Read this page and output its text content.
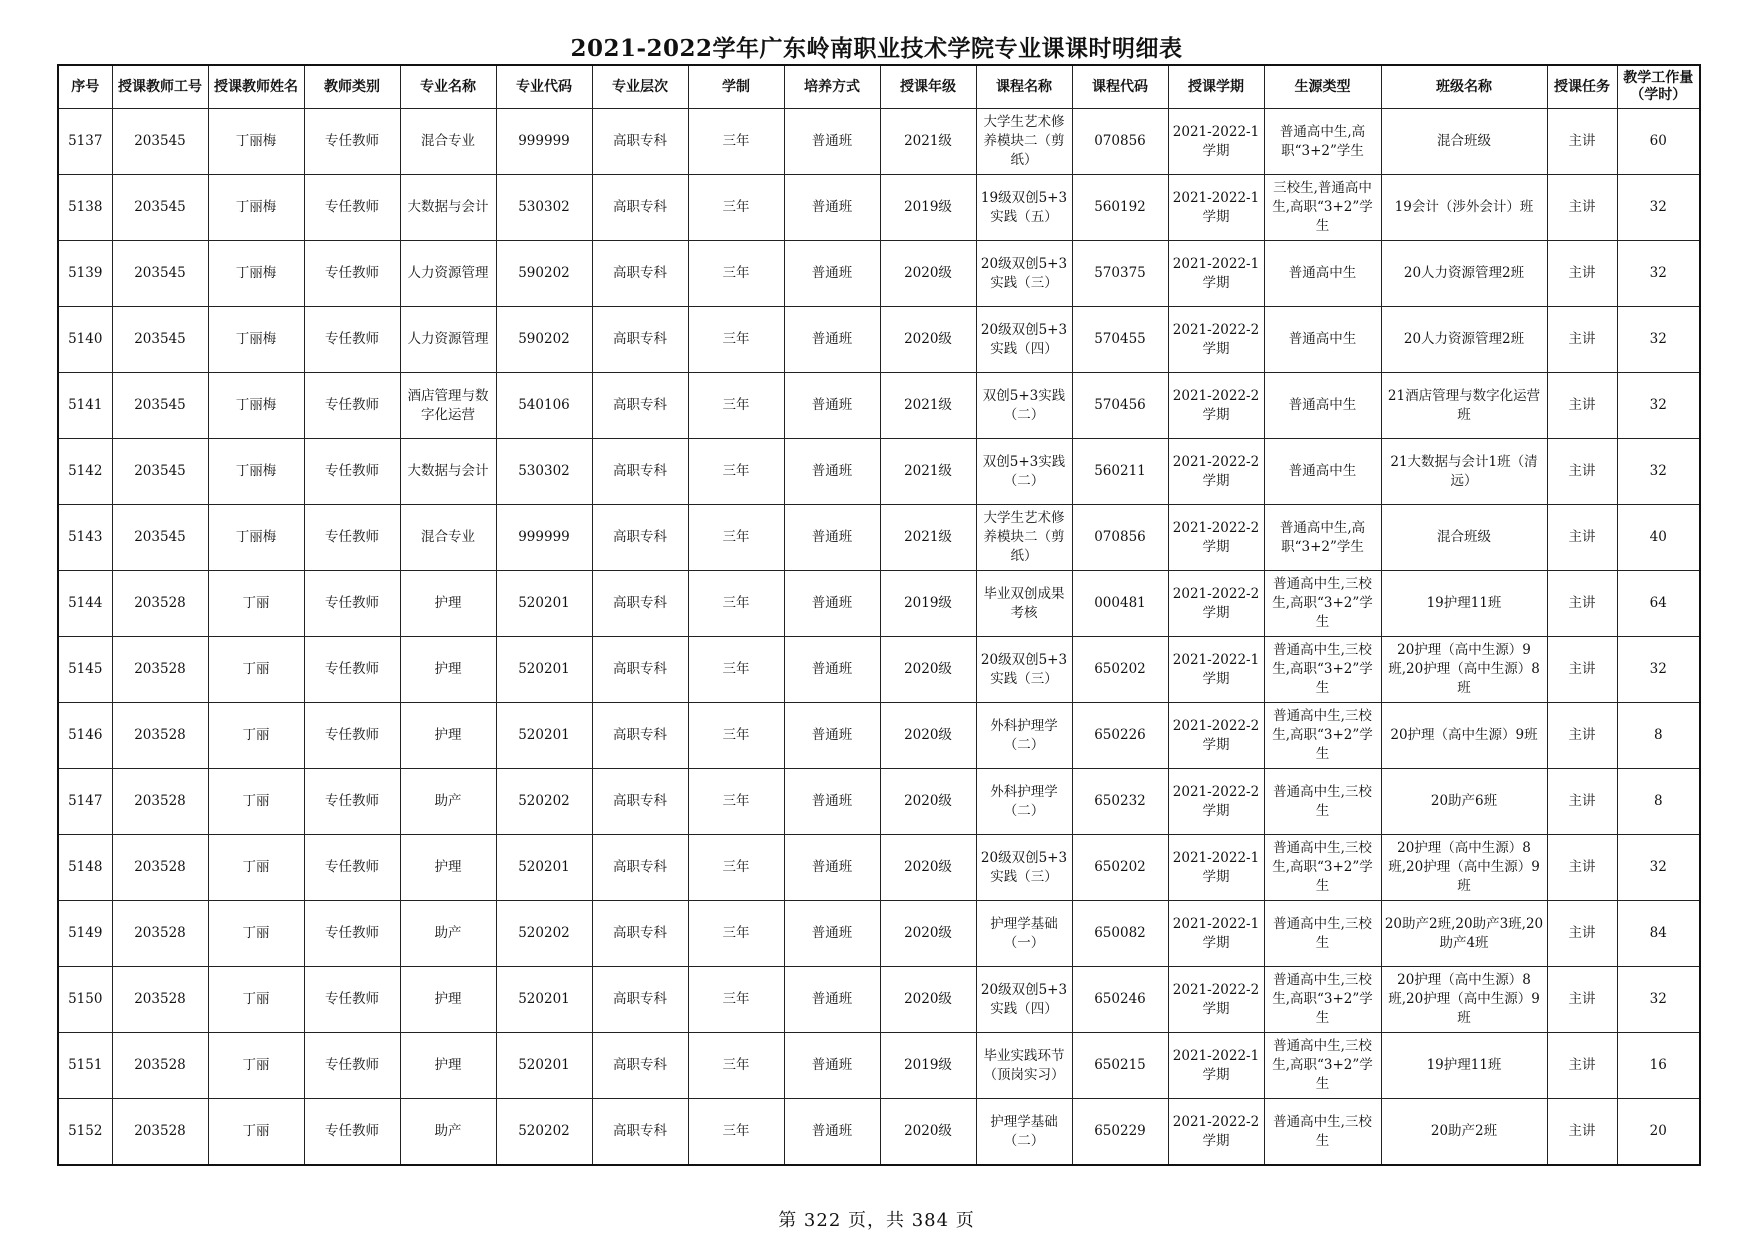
2021-2022学年广东岭南职业技术学院专业课课时明细表
序号	授课教师工号	授课教师姓名	教师类别	专业名称	专业代码	专业层次	学制	培养方式	授课年级	课程名称	课程代码	授课学期	生源类型	班级名称	授课任务	教学工作量（学时）
5137	203545	丁丽梅	专任教师	混合专业	999999	高职专科	三年	普通班	2021级	大学生艺术修养模块二（剪纸）	070856	2021-2022-1学期	普通高中生,高职“3+2”学生	混合班级	主讲	60
5138	203545	丁丽梅	专任教师	大数据与会计	530302	高职专科	三年	普通班	2019级	19级双创5+3实践（五）	560192	2021-2022-1学期	三校生,普通高中生,高职“3+2”学生	19会计（涉外会计）班	主讲	32
5139	203545	丁丽梅	专任教师	人力资源管理	590202	高职专科	三年	普通班	2020级	20级双创5+3实践（三）	570375	2021-2022-1学期	普通高中生	20人力资源管理2班	主讲	32
5140	203545	丁丽梅	专任教师	人力资源管理	590202	高职专科	三年	普通班	2020级	20级双创5+3实践（四）	570455	2021-2022-2学期	普通高中生	20人力资源管理2班	主讲	32
5141	203545	丁丽梅	专任教师	酒店管理与数字化运营	540106	高职专科	三年	普通班	2021级	双创5+3实践（二）	570456	2021-2022-2学期	普通高中生	21酒店管理与数字化运营班	主讲	32
5142	203545	丁丽梅	专任教师	大数据与会计	530302	高职专科	三年	普通班	2021级	双创5+3实践（二）	560211	2021-2022-2学期	普通高中生	21大数据与会计1班（清远）	主讲	32
5143	203545	丁丽梅	专任教师	混合专业	999999	高职专科	三年	普通班	2021级	大学生艺术修养模块二（剪纸）	070856	2021-2022-2学期	普通高中生,高职“3+2”学生	混合班级	主讲	40
5144	203528	丁丽	专任教师	护理	520201	高职专科	三年	普通班	2019级	毕业双创成果考核	000481	2021-2022-2学期	普通高中生,三校生,高职“3+2”学生	19护理11班	主讲	64
5145	203528	丁丽	专任教师	护理	520201	高职专科	三年	普通班	2020级	20级双创5+3实践（三）	650202	2021-2022-1学期	普通高中生,三校生,高职“3+2”学生	20护理（高中生源）9班,20护理（高中生源）8班	主讲	32
5146	203528	丁丽	专任教师	护理	520201	高职专科	三年	普通班	2020级	外科护理学（二）	650226	2021-2022-2学期	普通高中生,三校生,高职“3+2”学生	20护理（高中生源）9班	主讲	8
5147	203528	丁丽	专任教师	助产	520202	高职专科	三年	普通班	2020级	外科护理学（二）	650232	2021-2022-2学期	普通高中生,三校生	20助产6班	主讲	8
5148	203528	丁丽	专任教师	护理	520201	高职专科	三年	普通班	2020级	20级双创5+3实践（三）	650202	2021-2022-1学期	普通高中生,三校生,高职“3+2”学生	20护理（高中生源）8班,20护理（高中生源）9班	主讲	32
5149	203528	丁丽	专任教师	助产	520202	高职专科	三年	普通班	2020级	护理学基础（一）	650082	2021-2022-1学期	普通高中生,三校生	20助产2班,20助产3班,20助产4班	主讲	84
5150	203528	丁丽	专任教师	护理	520201	高职专科	三年	普通班	2020级	20级双创5+3实践（四）	650246	2021-2022-2学期	普通高中生,三校生,高职“3+2”学生	20护理（高中生源）8班,20护理（高中生源）9班	主讲	32
5151	203528	丁丽	专任教师	护理	520201	高职专科	三年	普通班	2019级	毕业实践环节（顶岗实习）	650215	2021-2022-1学期	普通高中生,三校生,高职“3+2”学生	19护理11班	主讲	16
5152	203528	丁丽	专任教师	助产	520202	高职专科	三年	普通班	2020级	护理学基础（二）	650229	2021-2022-2学期	普通高中生,三校生	20助产2班	主讲	20
第 322 页，共 384 页
